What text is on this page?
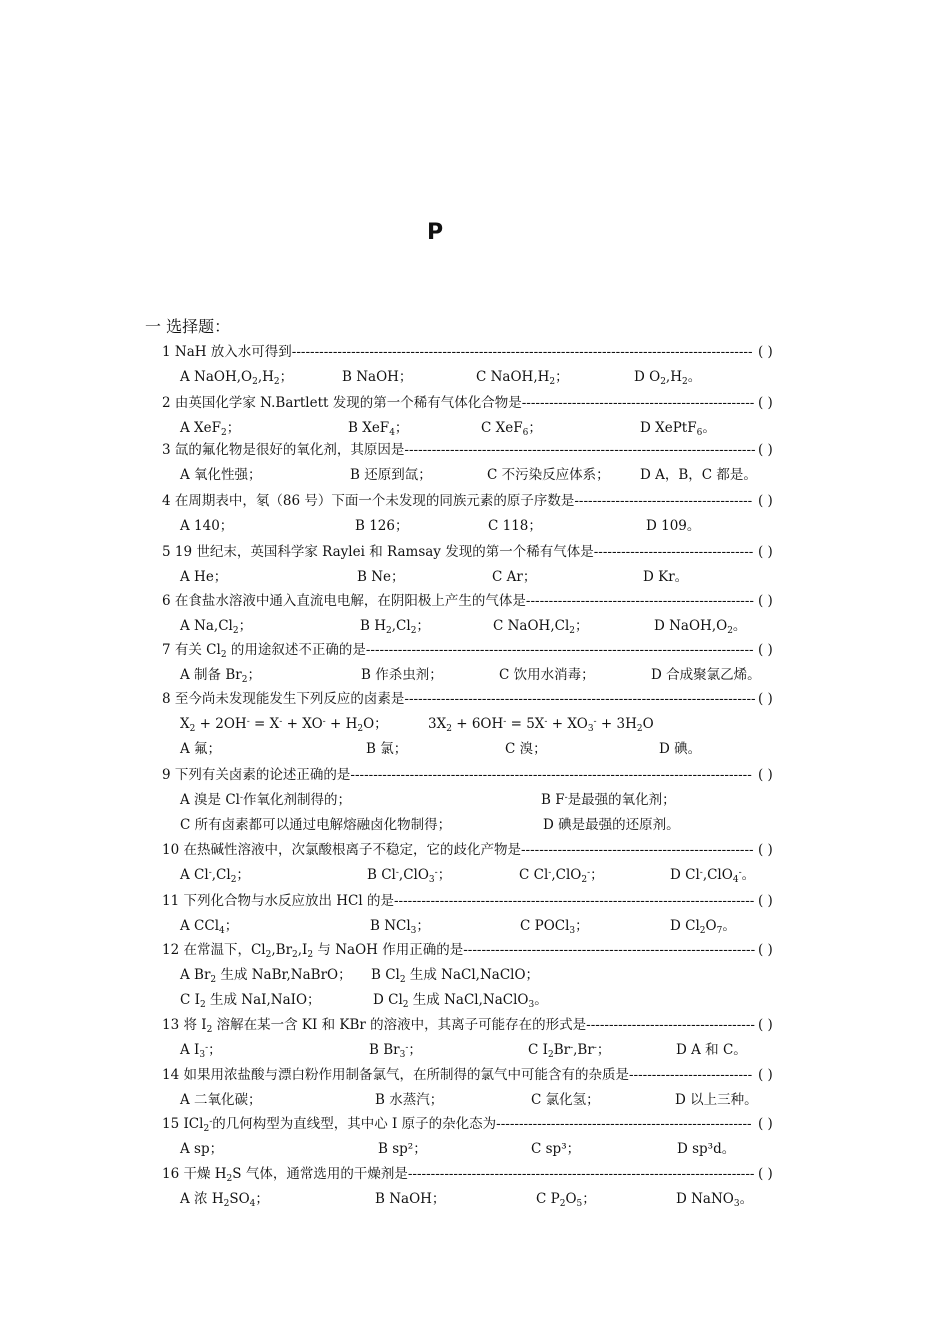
P
一 选择题：
1 NaH 放入水可得到----------------------------------------------------------------------------------------------------- ( )
A $NaOH,O_2,H_2$；	B NaOH；	C $NaOH,H_2$；	D $O_2,H_2$。
2 由英国化学家 N.Bartlett 发现的第一个稀有气体化合物是--------------------------------------------------- ( )
A XeF$_2$；	B XeF$_4$；	C XeF$_6$；	D XePtF$_6$。
3 氙的氟化物是很好的氧化剂，其原因是----------------------------------------------------------------------------- ( )
A 氧化性强；	B 还原到氙；	C 不污染反应体系； D A，B，C 都是。
4 在周期表中，氡（86 号）下面一个未发现的同族元素的原子序数是--------------------------------------- ( )
A 140；	B 126；	C 118；	D 109。
5 19 世纪末，英国科学家 Raylei 和 Ramsay 发现的第一个稀有气体是----------------------------------- ( )
A He；	B Ne；	C Ar；	D Kr。
6 在食盐水溶液中通入直流电电解，在阴阳极上产生的气体是-------------------------------------------------- ( )
A $Na,Cl_2$；	B $H_2,Cl_2$；	C $NaOH,Cl_2$；	D $NaOH,O_2$。
7 有关 $Cl_2$ 的用途叙述不正确的是------------------------------------------------------------------------------------- ( )
A 制备 $Br_2$；	B 作杀虫剂；	C 饮用水消毒；	D 合成聚氯乙烯。
8 至今尚未发现能发生下列反应的卤素是----------------------------------------------------------------------------- ( )
$X_2 + 2OH^- = X^- + XO^- + H_2O$；	$3X_2 + 6OH^- = 5X^- + XO_3^- + 3H_2O$
A 氟；	B 氯；	C 溴；	D 碘。
9 下列有关卤素的论述正确的是---------------------------------------------------------------------------------------- ( )
A 溴是 Cl-作氧化剂制得的；	B F-是最强的氧化剂；
C 所有卤素都可以通过电解熔融卤化物制得；	D 碘是最强的还原剂。
10 在热碱性溶液中，次氯酸根离子不稳定，它的歧化产物是--------------------------------------------------- ( )
A $Cl^-,Cl_2$；	B Cl-,ClO$_3$-；	C Cl-,ClO$_2$-；	D Cl-,ClO$_4$-。
11 下列化合物与水反应放出 HCl 的是------------------------------------------------------------------------------- ( )
A CCl$_4$；	B NCl$_3$；	C POCl$_3$；	D $Cl_2O_7$。
12 在常温下，$Cl_2,Br_2,I_2$ 与 NaOH 作用正确的是---------------------------------------------------------------- ( )
A $Br_2$ 生成 NaBr,NaBrO； B $Cl_2$ 生成 NaCl,NaClO；
C $I_2$ 生成 NaI,NaIO；	D $Cl_2$ 生成 NaCl,NaClO$_3$。
13 将 $I_2$ 溶解在某一含 KI 和 KBr 的溶液中，其离子可能存在的形式是------------------------------------- ( )
A $I_3^-$；	B $Br_3^-$；	C $I_2Br^-,Br^-$；	D A 和 C。
14 如果用浓盐酸与漂白粉作用制备氯气，在所制得的氯气中可能含有的杂质是--------------------------- ( )
A 二氧化碳；	B 水蒸汽；	C 氯化氢；	D 以上三种。
15 ICl$_2$-的几何构型为直线型，其中心 I 原子的杂化态为-------------------------------------------------------- ( )
A sp；	B sp²；	C sp³；	D sp³d。
16 干燥 $H_2S$ 气体，通常选用的干燥剂是---------------------------------------------------------------------------- ( )
A 浓 $H_2SO_4$；	B NaOH；	C $P_2O_5$；	D NaNO$_3$。
